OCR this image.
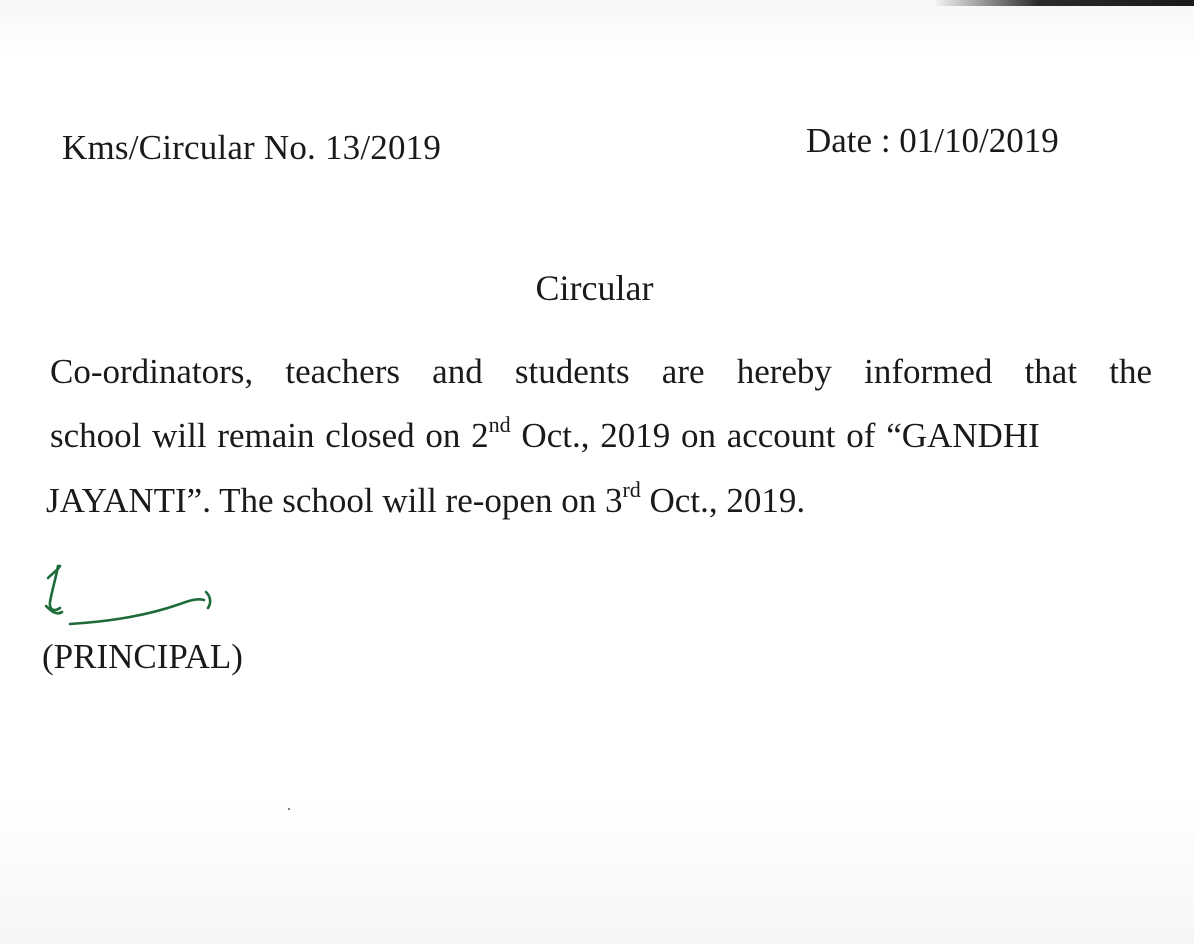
Kms/Circular No. 13/2019	Date : 01/10/2019
Circular
Co-ordinators, teachers and students are hereby informed that the
school will remain closed on 2nd Oct., 2019 on account of “GANDHI
JAYANTI”. The school will re-open on 3rd Oct., 2019.
(PRINCIPAL)
